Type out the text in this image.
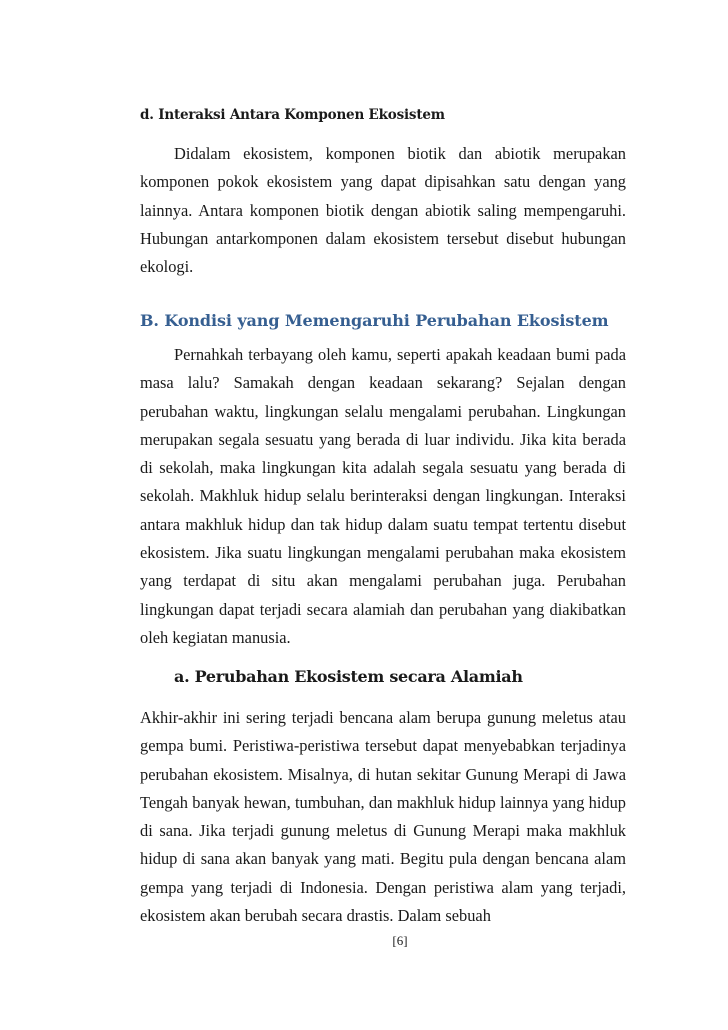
d. Interaksi Antara Komponen Ekosistem

Didalam ekosistem, komponen biotik dan abiotik merupakan komponen pokok ekosistem yang dapat dipisahkan satu dengan yang lainnya. Antara komponen biotik dengan abiotik saling mempengaruhi. Hubungan antarkomponen dalam ekosistem tersebut disebut hubungan ekologi.

B. Kondisi yang Memengaruhi Perubahan Ekosistem

Pernahkah terbayang oleh kamu, seperti apakah keadaan bumi pada masa lalu? Samakah dengan keadaan sekarang? Sejalan dengan perubahan waktu, lingkungan selalu mengalami perubahan. Lingkungan merupakan segala sesuatu yang berada di luar individu. Jika kita berada di sekolah, maka lingkungan kita adalah segala sesuatu yang berada di sekolah. Makhluk hidup selalu berinteraksi dengan lingkungan. Interaksi antara makhluk hidup dan tak hidup dalam suatu tempat tertentu disebut ekosistem. Jika suatu lingkungan mengalami perubahan maka ekosistem yang terdapat di situ akan mengalami perubahan juga. Perubahan lingkungan dapat terjadi secara alamiah dan perubahan yang diakibatkan oleh kegiatan manusia.

a. Perubahan Ekosistem secara Alamiah

Akhir-akhir ini sering terjadi bencana alam berupa gunung meletus atau gempa bumi. Peristiwa-peristiwa tersebut dapat menyebabkan terjadinya perubahan ekosistem. Misalnya, di hutan sekitar Gunung Merapi di Jawa Tengah banyak hewan, tumbuhan, dan makhluk hidup lainnya yang hidup di sana. Jika terjadi gunung meletus di Gunung Merapi maka makhluk hidup di sana akan banyak yang mati. Begitu pula dengan bencana alam gempa yang terjadi di Indonesia. Dengan peristiwa alam yang terjadi, ekosistem akan berubah secara drastis. Dalam sebuah

[6]
